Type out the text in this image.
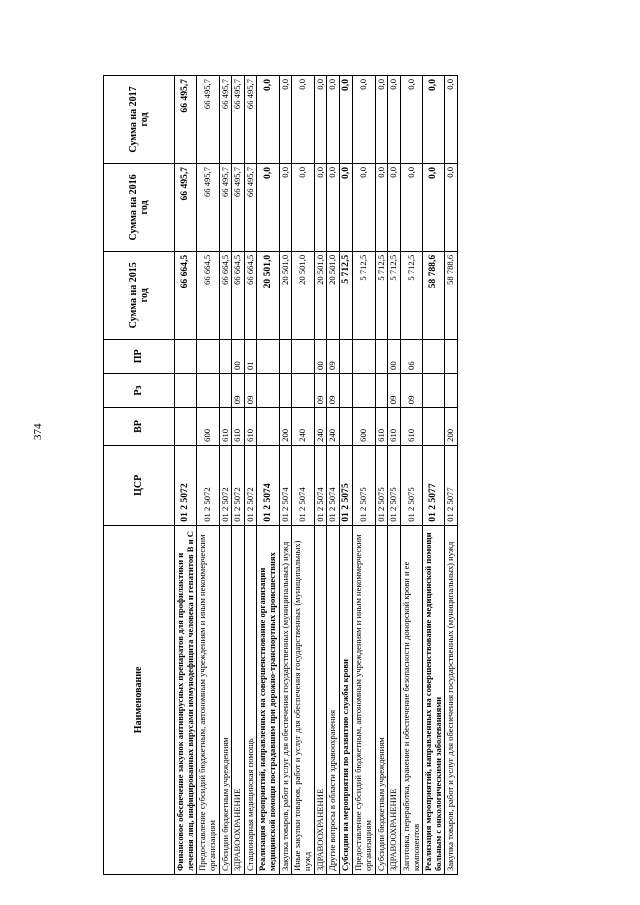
374
Наименование	ЦСР	ВР	Рз	ПР	Сумма на 2015 год	Сумма на 2016 год	Сумма на 2017 год
Финансовое обеспечение закупок антивирусных препаратов для профилактики и лечения лиц, инфицированных вирусами иммунодефицита человека и гепатитов В и С	01 2 5072				66 664,5	66 495,7	66 495,7
Предоставление субсидий бюджетным, автономным учреждениям и иным некоммерческим организациям	01 2 5072	600			66 664,5	66 495,7	66 495,7
Субсидии бюджетным учреждениям	01 2 5072	610			66 664,5	66 495,7	66 495,7
ЗДРАВООХРАНЕНИЕ	01 2 5072	610	09	00	66 664,5	66 495,7	66 495,7
Стационарная медицинская помощь	01 2 5072	610	09	01	66 664,5	66 495,7	66 495,7
Реализация мероприятий, направленных на совершенствование организации медицинской помощи пострадавшим при дорожно-транспортных происшествиях	01 2 5074				20 501,0	0,0	0,0
Закупка товаров, работ и услуг для обеспечения государственных (муниципальных) нужд	01 2 5074	200			20 501,0	0,0	0,0
Иные закупки товаров, работ и услуг для обеспечения государственных (муниципальных) нужд	01 2 5074	240			20 501,0	0,0	0,0
ЗДРАВООХРАНЕНИЕ	01 2 5074	240	09	00	20 501,0	0,0	0,0
Другие вопросы в области здравоохранения	01 2 5074	240	09	09	20 501,0	0,0	0,0
Субсидии на мероприятия по развитию службы крови	01 2 5075				5 712,5	0,0	0,0
Предоставление субсидий бюджетным, автономным учреждениям и иным некоммерческим организациям	01 2 5075	600			5 712,5	0,0	0,0
Субсидии бюджетным учреждениям	01 2 5075	610			5 712,5	0,0	0,0
ЗДРАВООХРАНЕНИЕ	01 2 5075	610	09	00	5 712,5	0,0	0,0
Заготовка, переработка, хранение и обеспечение безопасности донорской крови и ее компонентов	01 2 5075	610	09	06	5 712,5	0,0	0,0
Реализация мероприятий, направленных на совершенствование медицинской помощи больным с онкологическими заболеваниями	01 2 5077				58 788,6	0,0	0,0
Закупка товаров, работ и услуг для обеспечения государственных (муниципальных) нужд	01 2 5077	200			58 788,6	0,0	0,0
